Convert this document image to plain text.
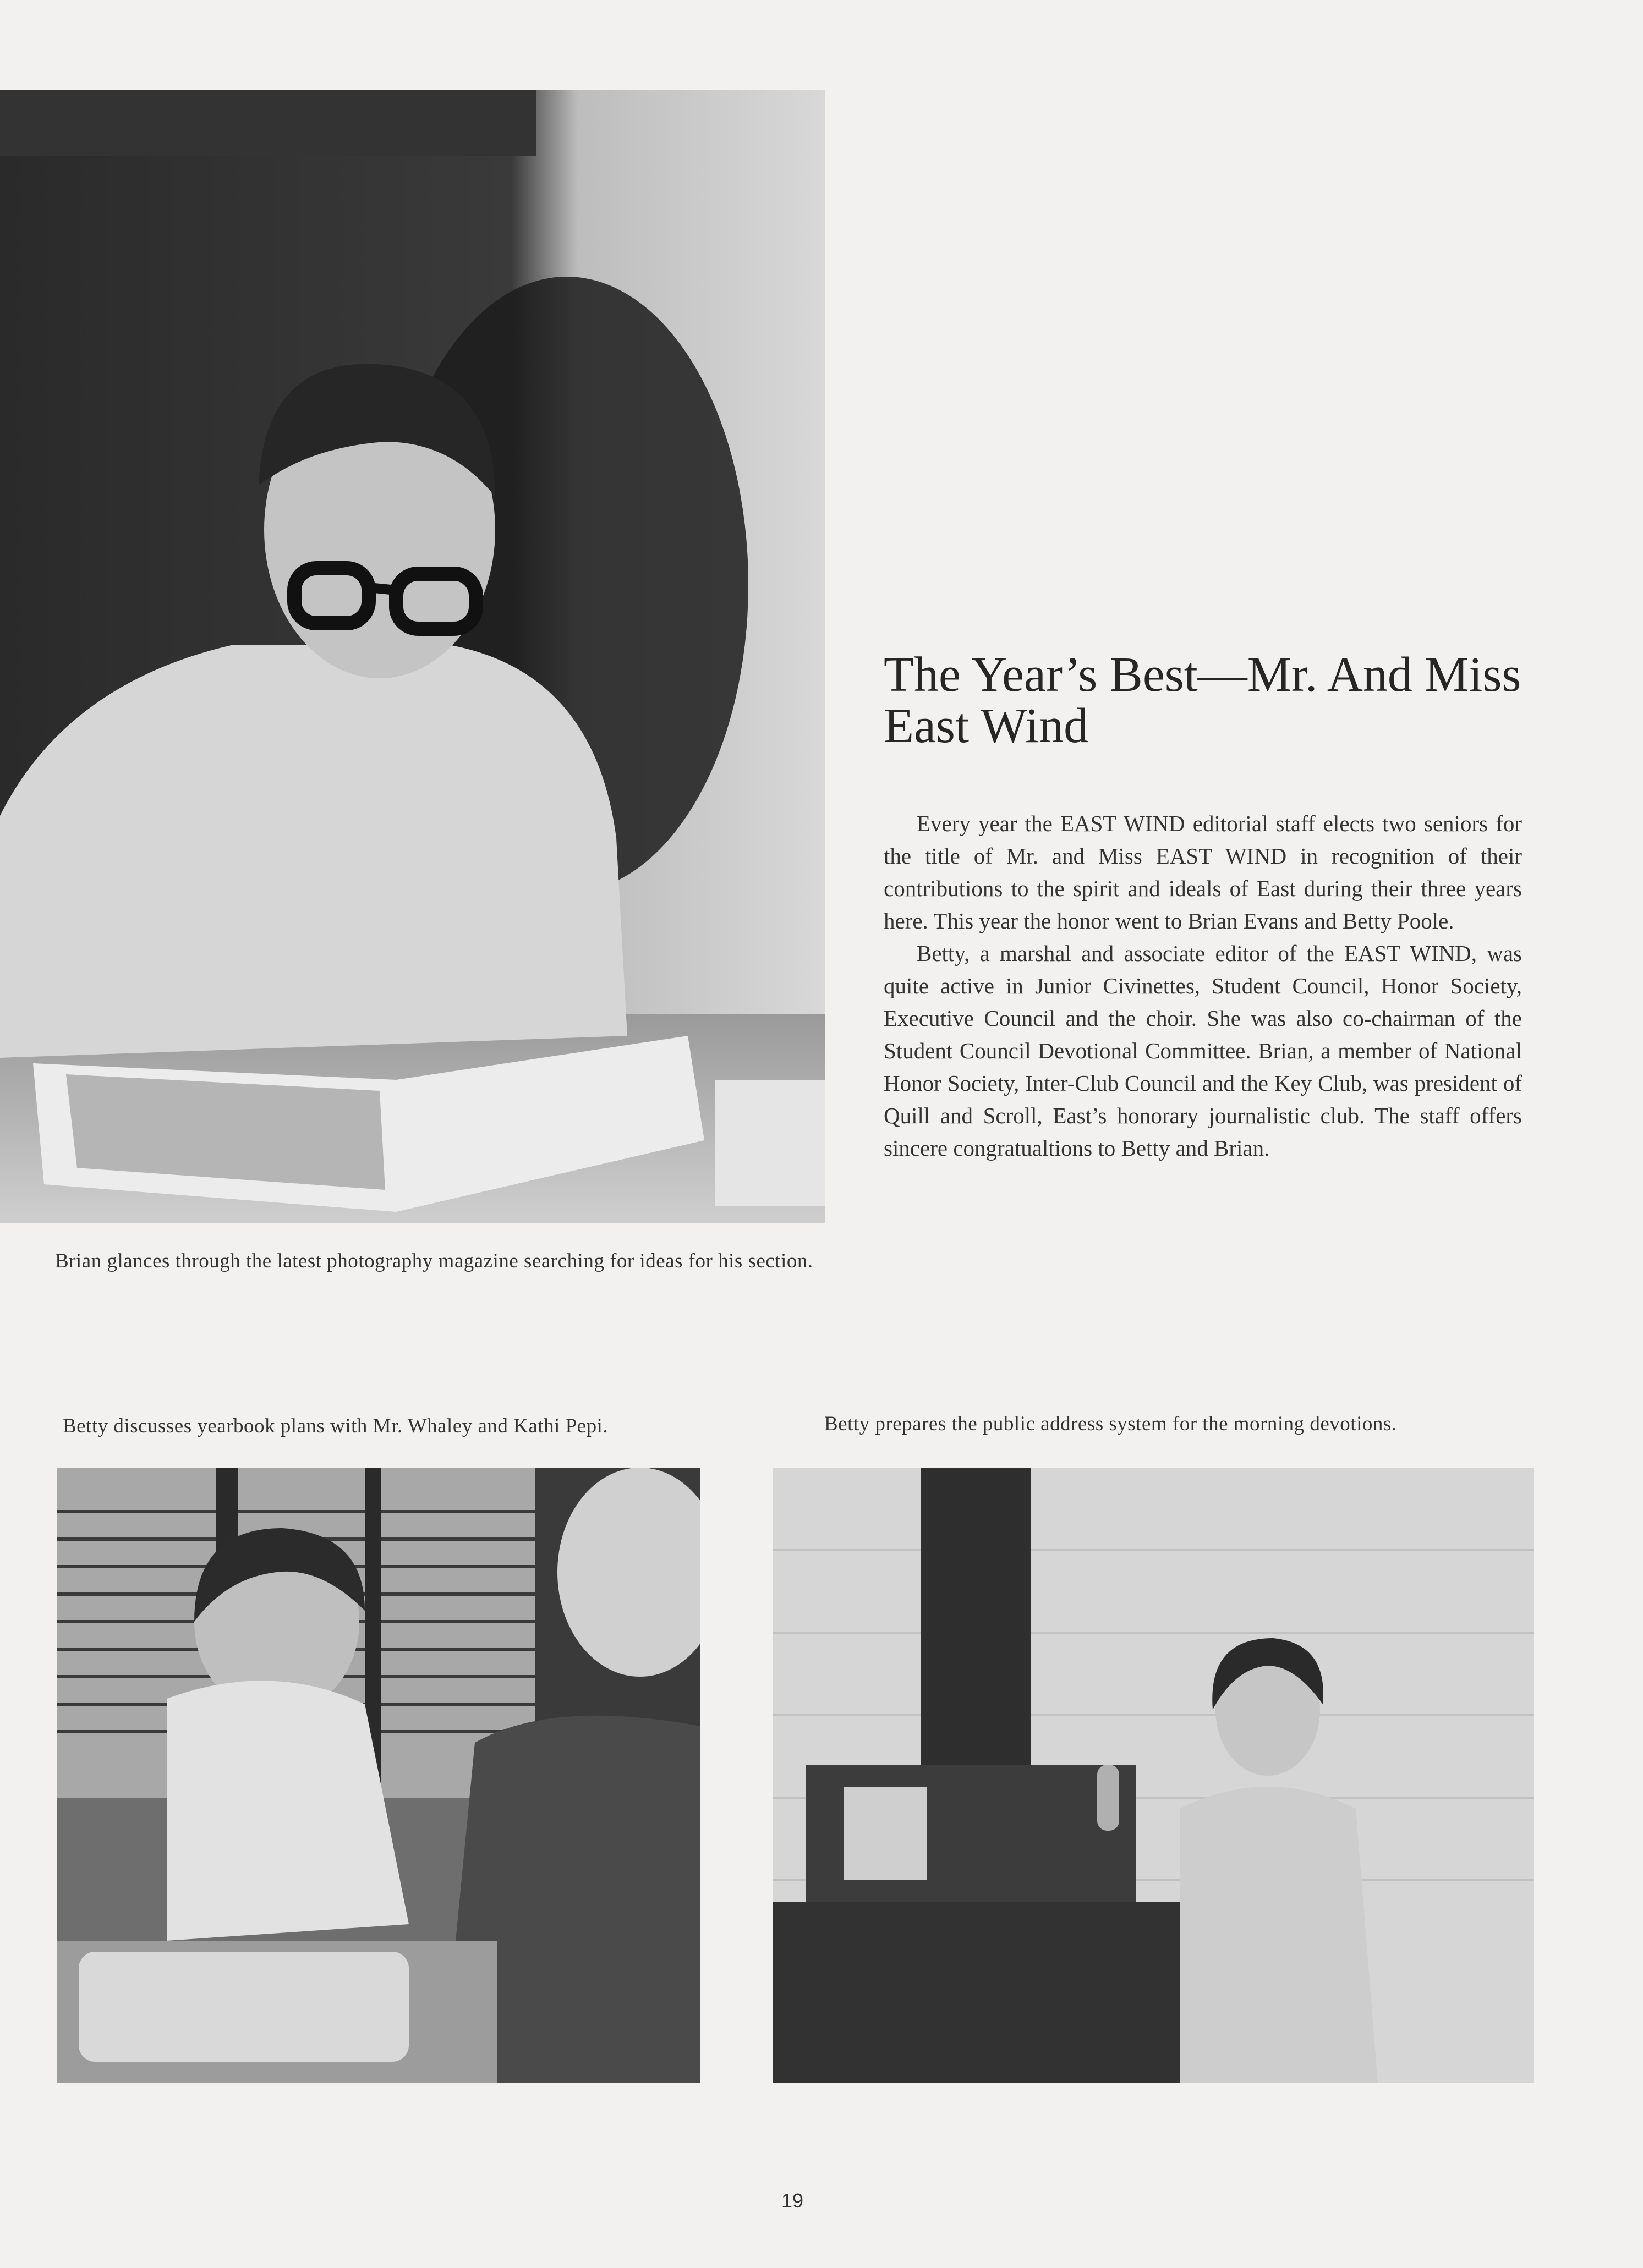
Brian glances through the latest photography magazine searching for ideas for his section.

The Year’s Best—Mr. And Miss East Wind

Every year the EAST WIND editorial staff elects two seniors for the title of Mr. and Miss EAST WIND in recognition of their contributions to the spirit and ideals of East during their three years here. This year the honor went to Brian Evans and Betty Poole.

Betty, a marshal and associate editor of the EAST WIND, was quite active in Junior Civinettes, Student Council, Honor Society, Executive Council and the choir. She was also co-chairman of the Student Council Devotional Committee. Brian, a member of National Honor Society, Inter-Club Council and the Key Club, was president of Quill and Scroll, East’s honorary journalistic club. The staff offers sincere congratualtions to Betty and Brian.

Betty discusses yearbook plans with Mr. Whaley and Kathi Pepi.	Betty prepares the public address system for the morning devotions.

19
